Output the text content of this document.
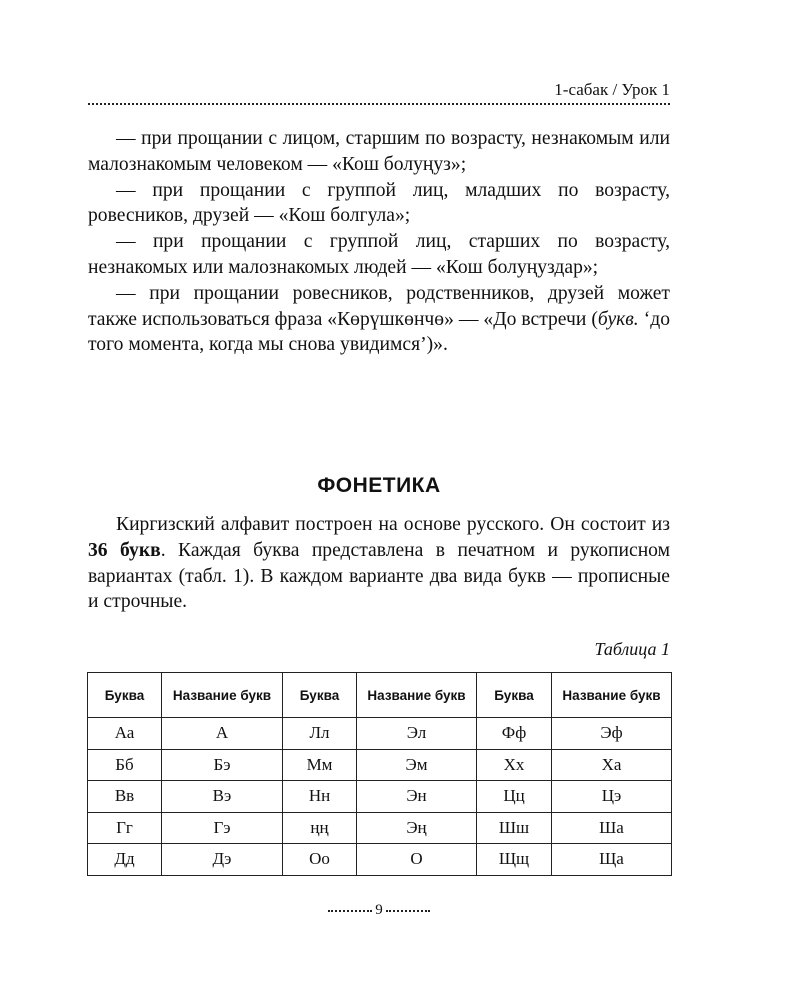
1-сабак / Урок 1

— при прощании с лицом, старшим по возрасту, незнакомым или малознакомым человеком — «Кош болуңуз»;

— при прощании с группой лиц, младших по возрасту, ровесников, друзей — «Кош болгула»;

— при прощании с группой лиц, старших по возрасту, незнакомых или малознакомых людей — «Кош болуңуздар»;

— при прощании ровесников, родственников, друзей может также использоваться фраза «Көрүшкөнчө» — «До встречи (букв. ‘до того момента, когда мы снова увидимся’)».

ФОНЕТИКА

Киргизский алфавит построен на основе русского. Он состоит из 36 букв. Каждая буква представлена в печатном и рукописном вариантах (табл. 1). В каждом варианте два вида букв — прописные и строчные.

Таблица 1
Буква	Название букв	Буква	Название букв	Буква	Название букв
Аа	А	Лл	Эл	Фф	Эф
Бб	Бэ	Мм	Эм	Хх	Ха
Вв	Вэ	Нн	Эн	Цц	Цэ
Гг	Гэ	ңң	Эң	Шш	Ша
Дд	Дэ	Оо	О	Щщ	Ща
9
